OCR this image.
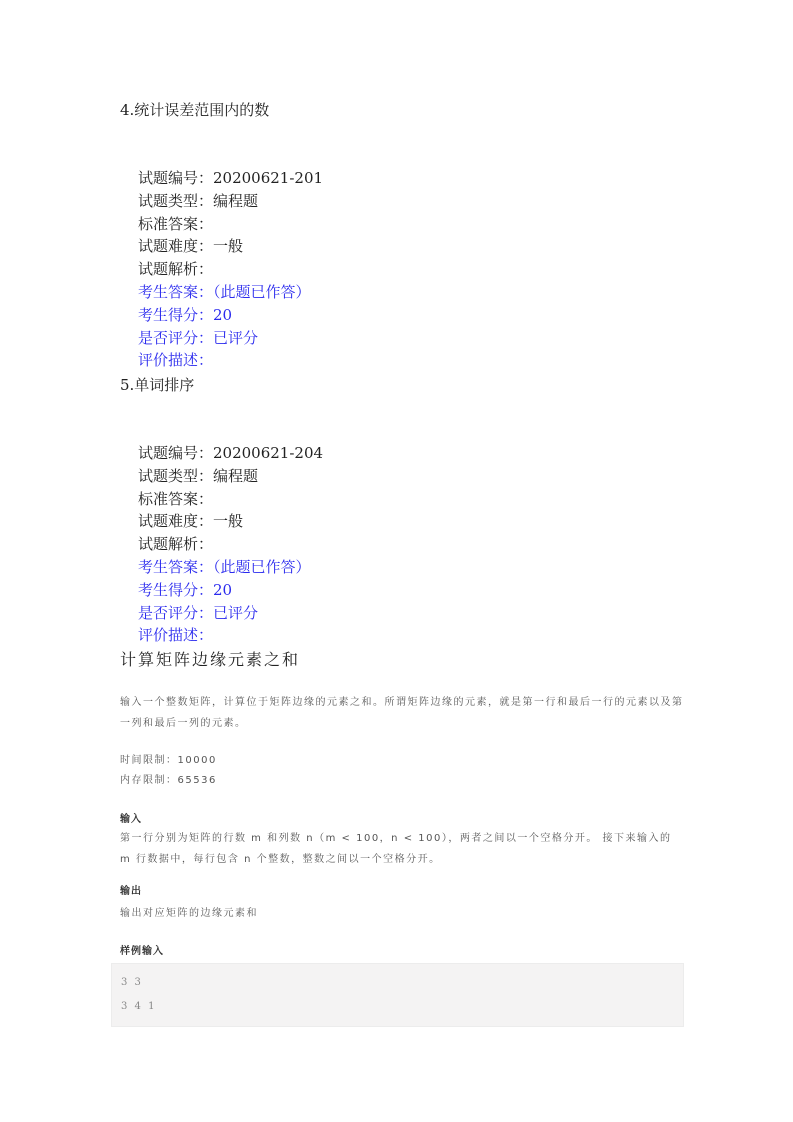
4.统计误差范围内的数
试题编号：20200621-201
试题类型：编程题
标准答案：
试题难度：一般
试题解析：
考生答案：（此题已作答）
考生得分：20
是否评分：已评分
评价描述：
5.单词排序
试题编号：20200621-204
试题类型：编程题
标准答案：
试题难度：一般
试题解析：
考生答案：（此题已作答）
考生得分：20
是否评分：已评分
评价描述：
计算矩阵边缘元素之和
输入一个整数矩阵，计算位于矩阵边缘的元素之和。所谓矩阵边缘的元素，就是第一行和最后一行的元素以及第一列和最后一列的元素。
时间限制：10000
内存限制：65536
输入
第一行分别为矩阵的行数 m 和列数 n（m < 100，n < 100），两者之间以一个空格分开。 接下来输入的 m 行数据中，每行包含 n 个整数，整数之间以一个空格分开。
输出
输出对应矩阵的边缘元素和
样例输入
3 3
3 4 1
